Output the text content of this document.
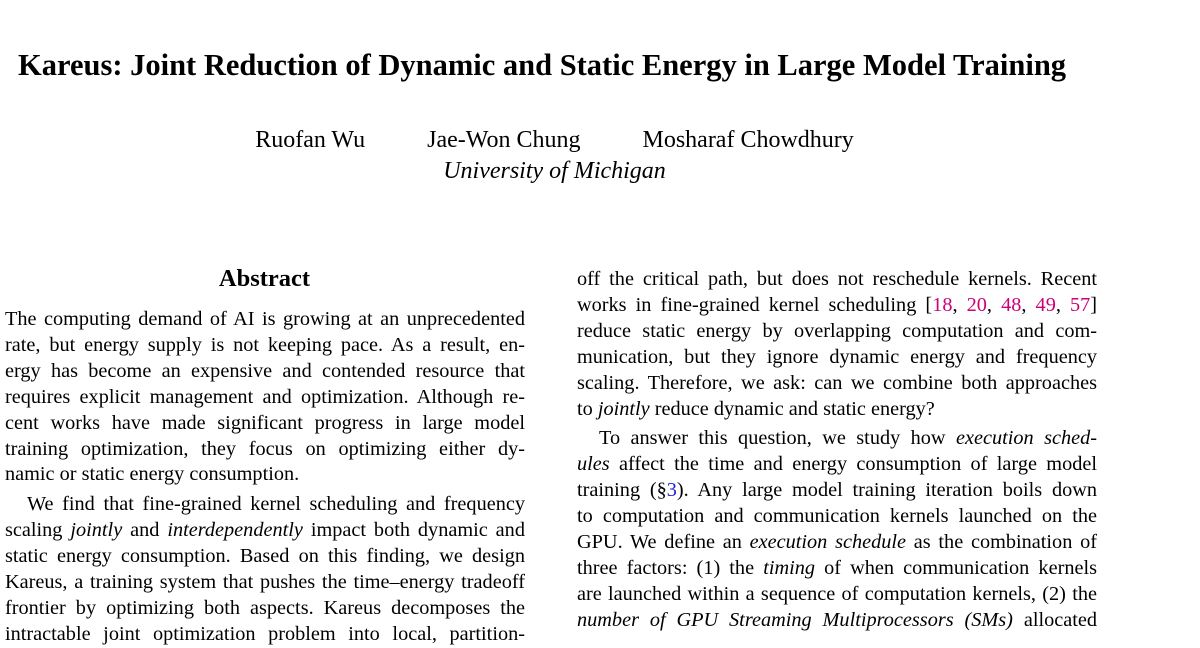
Kareus: Joint Reduction of Dynamic and Static Energy in Large Model Training
Ruofan Wu	Jae-Won Chung	Mosharaf Chowdhury
University of Michigan
Abstract
The computing demand of AI is growing at an unprecedented
rate, but energy supply is not keeping pace. As a result, en-
ergy has become an expensive and contended resource that
requires explicit management and optimization. Although re-
cent works have made significant progress in large model
training optimization, they focus on optimizing either dy-
namic or static energy consumption.
We find that fine-grained kernel scheduling and frequency
scaling jointly and interdependently impact both dynamic and
static energy consumption. Based on this finding, we design
Kareus, a training system that pushes the time–energy tradeoff
frontier by optimizing both aspects. Kareus decomposes the
intractable joint optimization problem into local, partition-
off the critical path, but does not reschedule kernels. Recent
works in fine-grained kernel scheduling [18, 20, 48, 49, 57]
reduce static energy by overlapping computation and com-
munication, but they ignore dynamic energy and frequency
scaling. Therefore, we ask: can we combine both approaches
to jointly reduce dynamic and static energy?
To answer this question, we study how execution sched-
ules affect the time and energy consumption of large model
training (§3). Any large model training iteration boils down
to computation and communication kernels launched on the
GPU. We define an execution schedule as the combination of
three factors: (1) the timing of when communication kernels
are launched within a sequence of computation kernels, (2) the
number of GPU Streaming Multiprocessors (SMs) allocated
